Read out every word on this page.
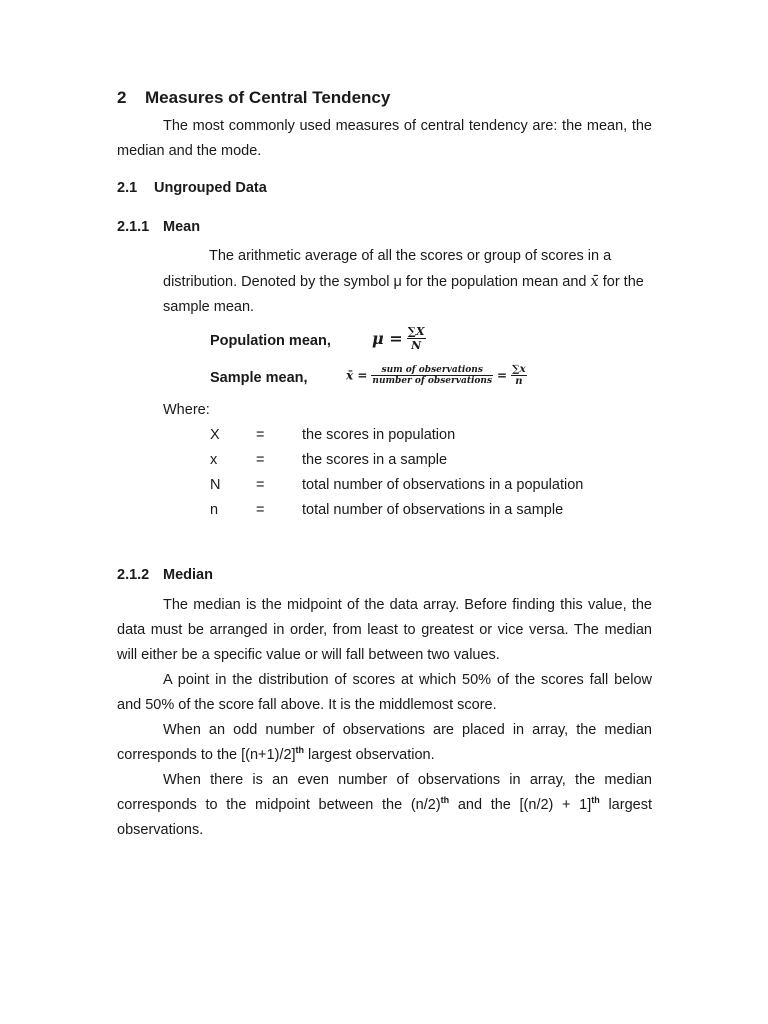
2 Measures of Central Tendency
The most commonly used measures of central tendency are: the mean, the median and the mode.
2.1 Ungrouped Data
2.1.1 Mean
The arithmetic average of all the scores or group of scores in a distribution. Denoted by the symbol μ for the population mean and x̄ for the sample mean.
Population mean,	$\mu = \frac{\sum X}{N}$
Sample mean,	x̄ = $\frac{\text{sum of observations}}{\text{number of observations}} = \frac{\sum x}{n}$
Where:
X	=	the scores in population
x	=	the scores in a sample
N =	total number of observations in a population
n	=	total number of observations in a sample
2.1.2 Median
The median is the midpoint of the data array. Before finding this value, the data must be arranged in order, from least to greatest or vice versa. The median will either be a specific value or will fall between two values.
A point in the distribution of scores at which 50% of the scores fall below and 50% of the score fall above. It is the middlemost score.
When an odd number of observations are placed in array, the median corresponds to the $[(n+1)/2]^{th}$ largest observation.
When there is an even number of observations in array, the median corresponds to the midpoint between the $(n/2)^{th}$ and the $[(n/2) + 1]^{th}$ largest observations.
